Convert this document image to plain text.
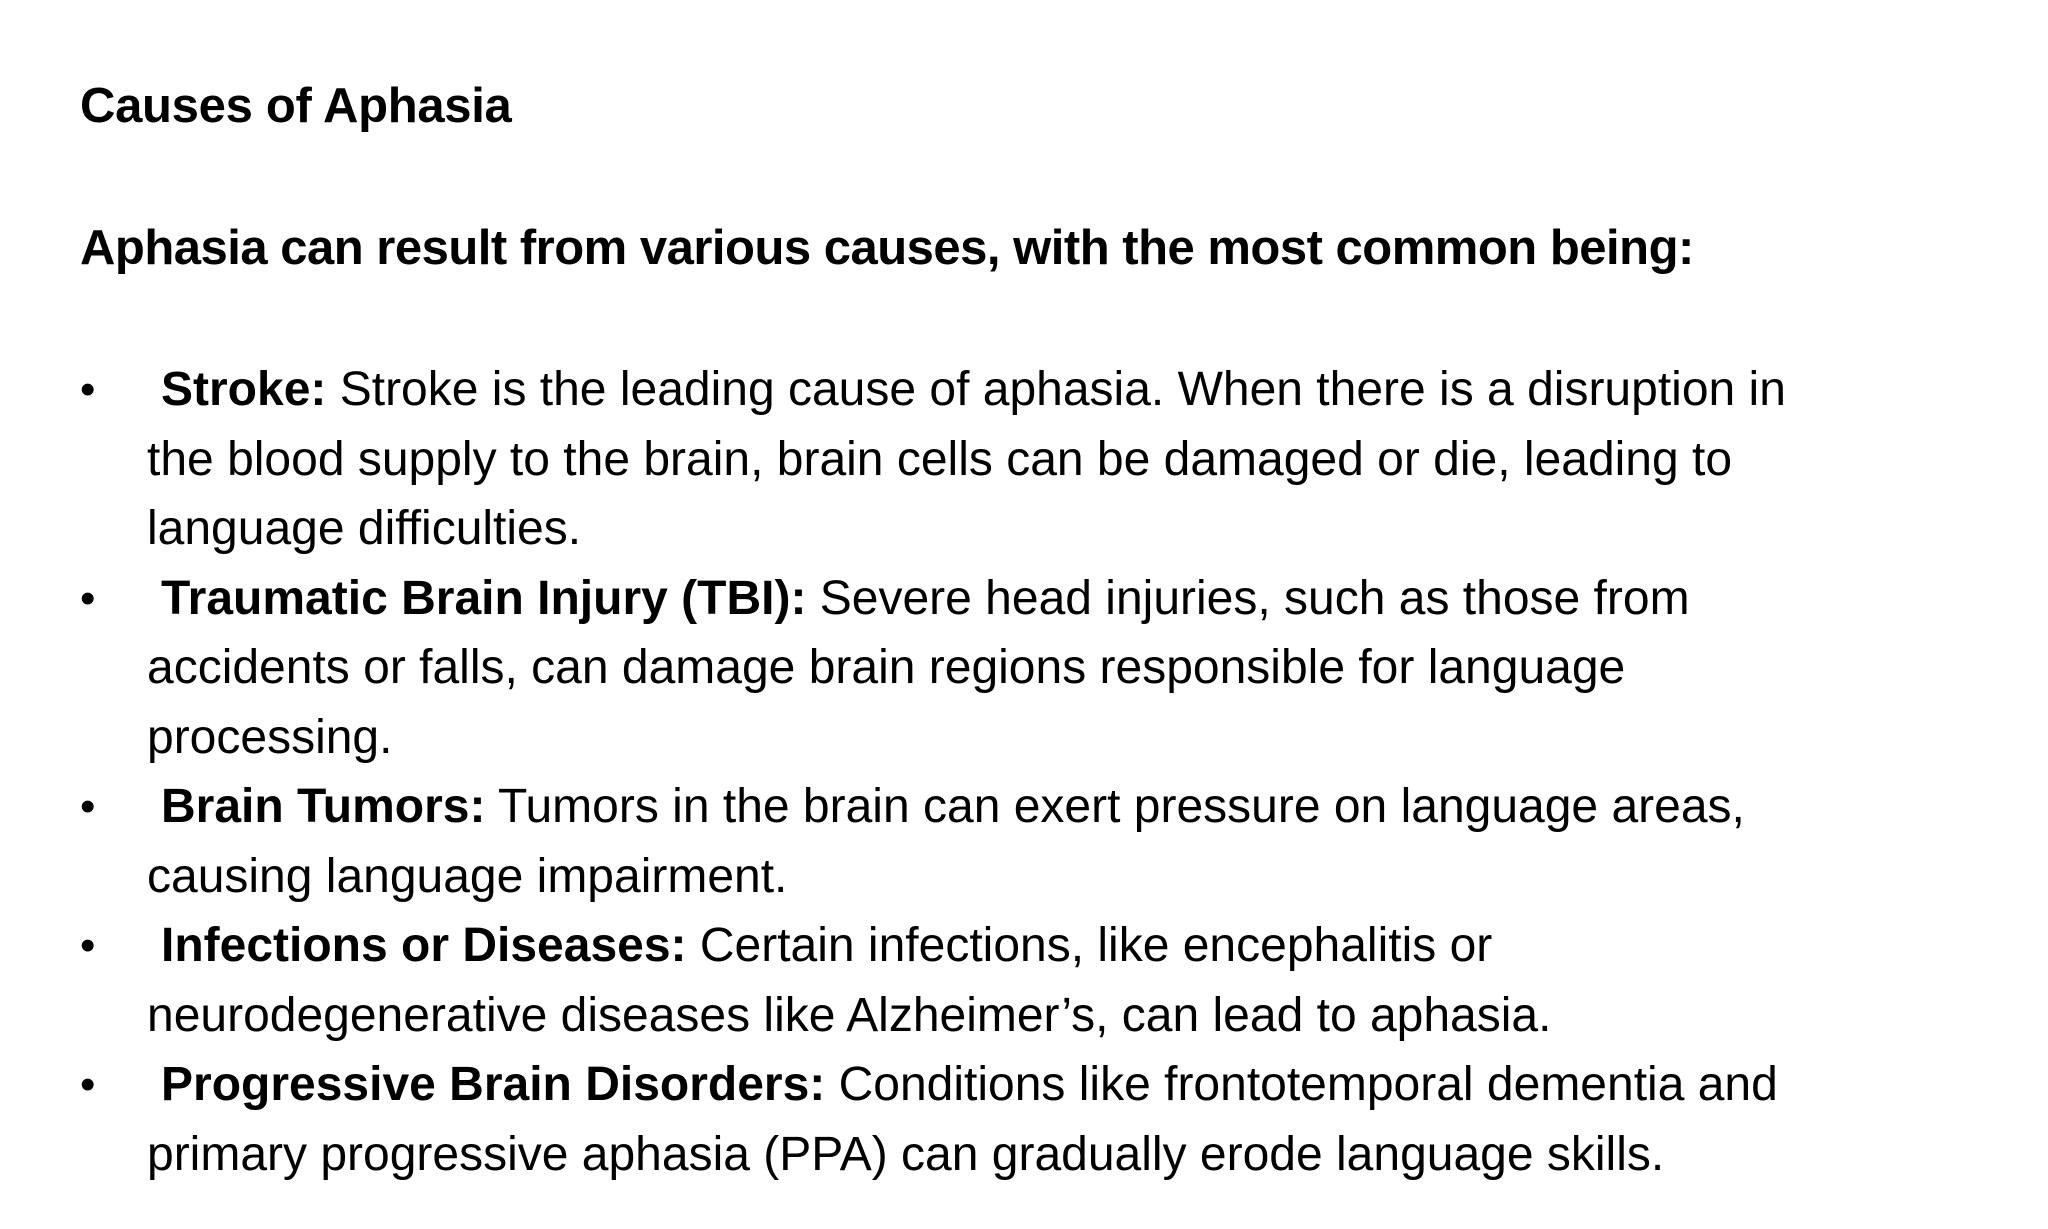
Causes of Aphasia
Aphasia can result from various causes, with the most common being:
• Stroke: Stroke is the leading cause of aphasia. When there is a disruption in
the blood supply to the brain, brain cells can be damaged or die, leading to
language difficulties.
• Traumatic Brain Injury (TBI): Severe head injuries, such as those from
accidents or falls, can damage brain regions responsible for language
processing.
• Brain Tumors: Tumors in the brain can exert pressure on language areas,
causing language impairment.
• Infections or Diseases: Certain infections, like encephalitis or
neurodegenerative diseases like Alzheimer’s, can lead to aphasia.
• Progressive Brain Disorders: Conditions like frontotemporal dementia and
primary progressive aphasia (PPA) can gradually erode language skills.
